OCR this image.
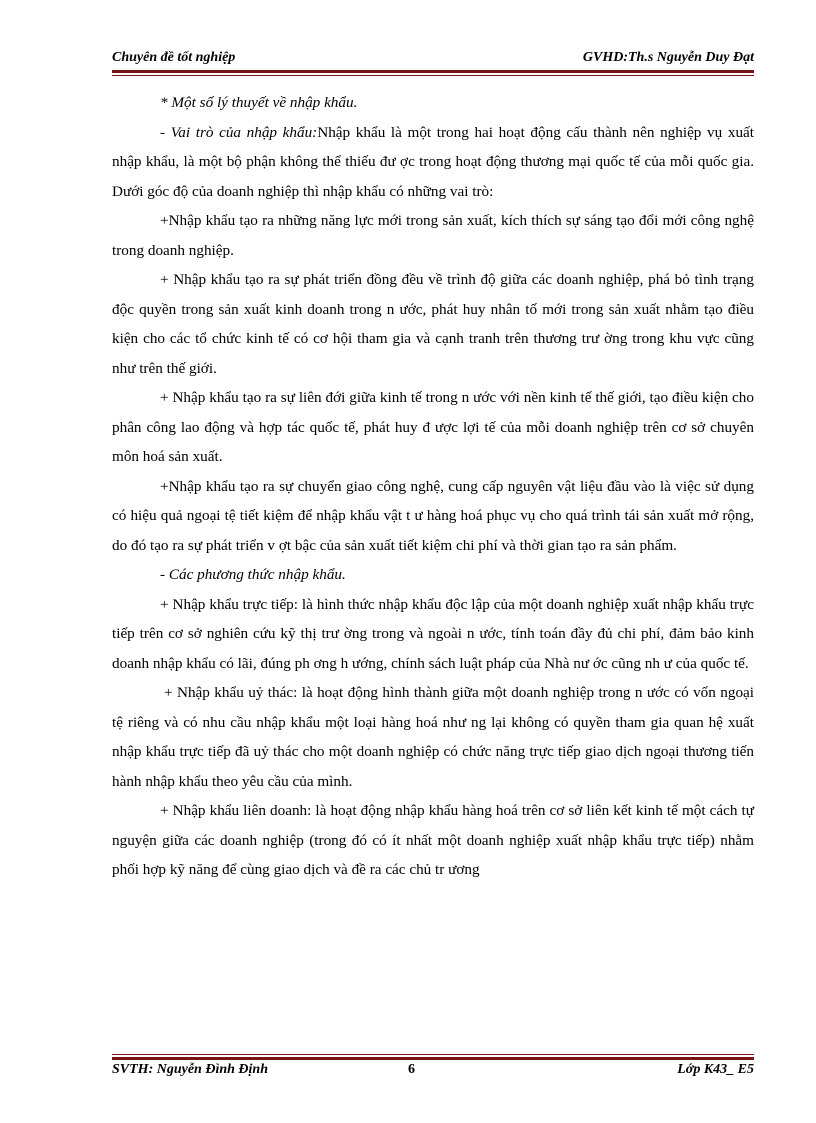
Chuyên đề tốt nghiệp	GVHD:Th.s Nguyễn Duy Đạt

* Một số lý thuyết về nhập khẩu.

- Vai trò của nhập khẩu:Nhập khẩu là một trong hai hoạt động cấu thành nên nghiệp vụ xuất nhập khẩu, là một bộ phận không thể thiếu đư ợc trong hoạt động thương mại quốc tế của mỗi quốc gia. Dưới góc độ của doanh nghiệp thì nhập khẩu có những vai trò:

+Nhập khẩu tạo ra những năng lực mới trong sản xuất, kích thích sự sáng tạo đổi mới công nghệ trong doanh nghiệp.

+ Nhập khẩu tạo ra sự phát triển đồng đều về trình độ giữa các doanh nghiệp, phá bỏ tình trạng độc quyền trong sản xuất kinh doanh trong n ước, phát huy nhân tố mới trong sản xuất nhằm tạo điều kiện cho các tổ chức kinh tế có cơ hội tham gia và cạnh tranh trên thương trư ờng trong khu vực cũng như trên thế giới.

+ Nhập khẩu tạo ra sự liên đới giữa kinh tế trong n ước với nền kinh tế thế giới, tạo điều kiện cho phân công lao động và hợp tác quốc tế, phát huy đ ược lợi tế của mỗi doanh nghiệp trên cơ sở chuyên môn hoá sản xuất.

+Nhập khẩu tạo ra sự chuyển giao công nghệ, cung cấp nguyên vật liệu đầu vào là việc sử dụng có hiệu quả ngoại tệ tiết kiệm để nhập khẩu vật t ư hàng hoá phục vụ cho quá trình tái sản xuất mở rộng, do đó tạo ra sự phát triển v ợt bậc của sản xuất tiết kiệm chi phí và thời gian tạo ra sản phẩm.

- Các phương thức nhập khẩu.

+ Nhập khẩu trực tiếp: là hình thức nhập khẩu độc lập của một doanh nghiệp xuất nhập khẩu trực tiếp trên cơ sở nghiên cứu kỹ thị trư ờng trong và ngoài n ước, tính toán đầy đủ chi phí, đảm bảo kinh doanh nhập khẩu có lãi, đúng ph ơng h ướng, chính sách luật pháp của Nhà nư ớc cũng nh ư của quốc tế.

+ Nhập khẩu uỷ thác: là hoạt động hình thành giữa một doanh nghiệp trong n ước có vốn ngoại tệ riêng và có nhu cầu nhập khẩu một loại hàng hoá như ng lại không có quyền tham gia quan hệ xuất nhập khẩu trực tiếp đã uỷ thác cho một doanh nghiệp có chức năng trực tiếp giao dịch ngoại thương tiến hành nhập khẩu theo yêu cầu của mình.

+ Nhập khẩu liên doanh: là hoạt động nhập khẩu hàng hoá trên cơ sở liên kết kinh tế một cách tự nguyện giữa các doanh nghiệp (trong đó có ít nhất một doanh nghiệp xuất nhập khẩu trực tiếp) nhằm phối hợp kỹ năng để cùng giao dịch và đề ra các chủ tr ương

SVTH: Nguyễn Đình Định	6	Lớp K43_ E5
